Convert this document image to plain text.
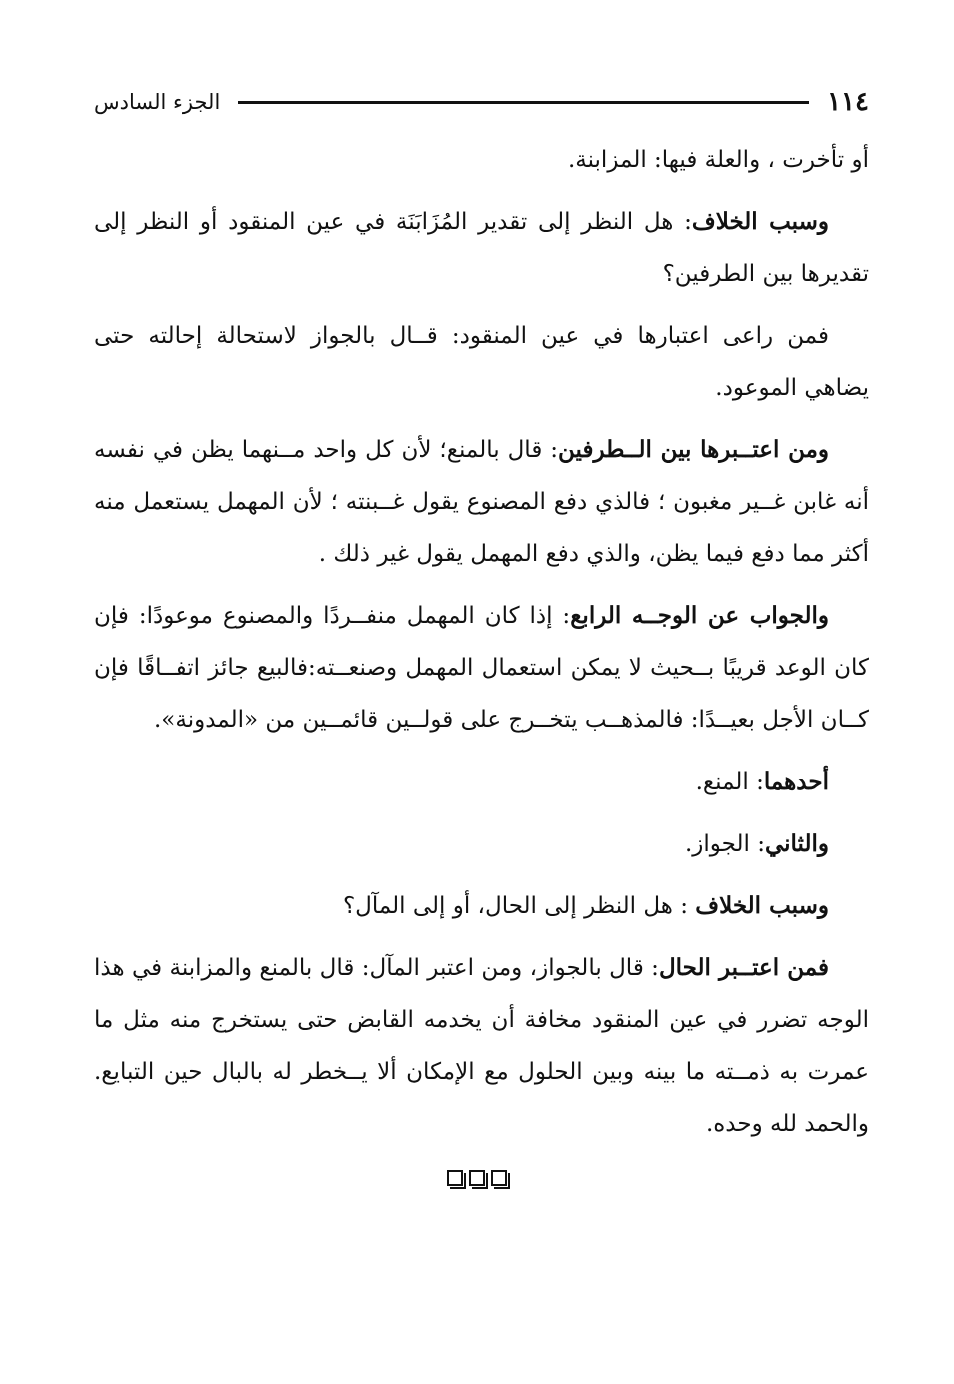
١١٤
الجزء السادس

أو تأخرت ، والعلة فيها: المزابنة.

وسبب الخلاف: هل النظر إلى تقدير المُزَابَنَة في عين المنقود أو النظر إلى تقديرها بين الطرفين؟

فمن راعى اعتبارها في عين المنقود: قــال بالجواز لاستحالة إحالته حتى يضاهي الموعود.

ومن اعتــبرها بين الــطرفين: قال بالمنع؛ لأن كل واحد مــنهما يظن في نفسه أنه غابن غــير مغبون ؛ فالذي دفع المصنوع يقول غــبنته ؛ لأن المهمل يستعمل منه أكثر مما دفع فيما يظن، والذي دفع المهمل يقول غير ذلك .

والجواب عن الوجــه الرابع: إذا كان المهمل منفــردًا والمصنوع موعودًا: فإن كان الوعد قريبًا بــحيث لا يمكن استعمال المهمل وصنعــته:فالبيع جائز اتفــاقًا فإن كــان الأجل بعيــدًا: فالمذهــب يتخــرج على قولــين قائمــين من «المدونة».

أحدهما: المنع.

والثاني: الجواز.

وسبب الخلاف : هل النظر إلى الحال، أو إلى المآل؟

فمن اعتــبر الحال: قال بالجواز، ومن اعتبر المآل: قال بالمنع والمزابنة في هذا الوجه تضرر في عين المنقود مخافة أن يخدمه القابض حتى يستخرج منه مثل ما عمرت به ذمــته ما بينه وبين الحلول مع الإمكان ألا يــخطر له بالبال حين التبايع. والحمد لله وحده.
